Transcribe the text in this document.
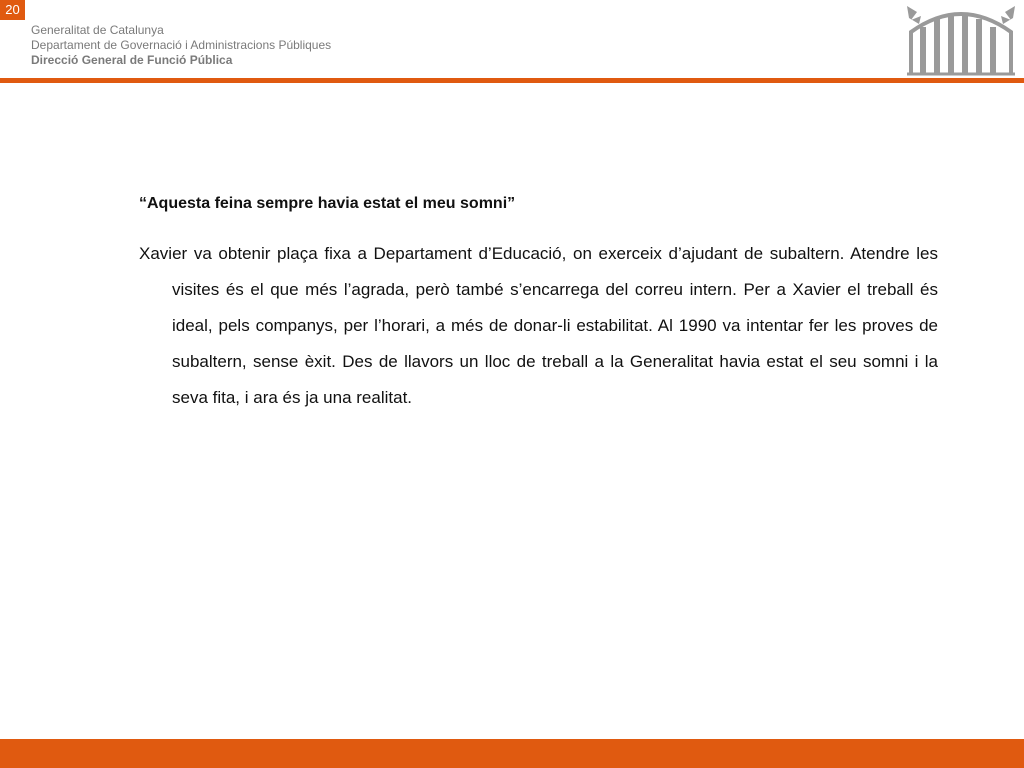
20
Generalitat de Catalunya
Departament de Governació i Administracions Públiques
Direcció General de Funció Pública

“Aquesta feina sempre havia estat el meu somni”

Xavier va obtenir plaça fixa a Departament d’Educació, on exerceix d’ajudant de subaltern. Atendre les visites és el que més l’agrada, però també s’encarrega del correu intern. Per a Xavier el treball és ideal, pels companys, per l’horari, a més de donar-li estabilitat. Al 1990 va intentar fer les proves de subaltern, sense èxit. Des de llavors un lloc de treball a la Generalitat havia estat el seu somni i la seva fita, i ara és ja una realitat.
